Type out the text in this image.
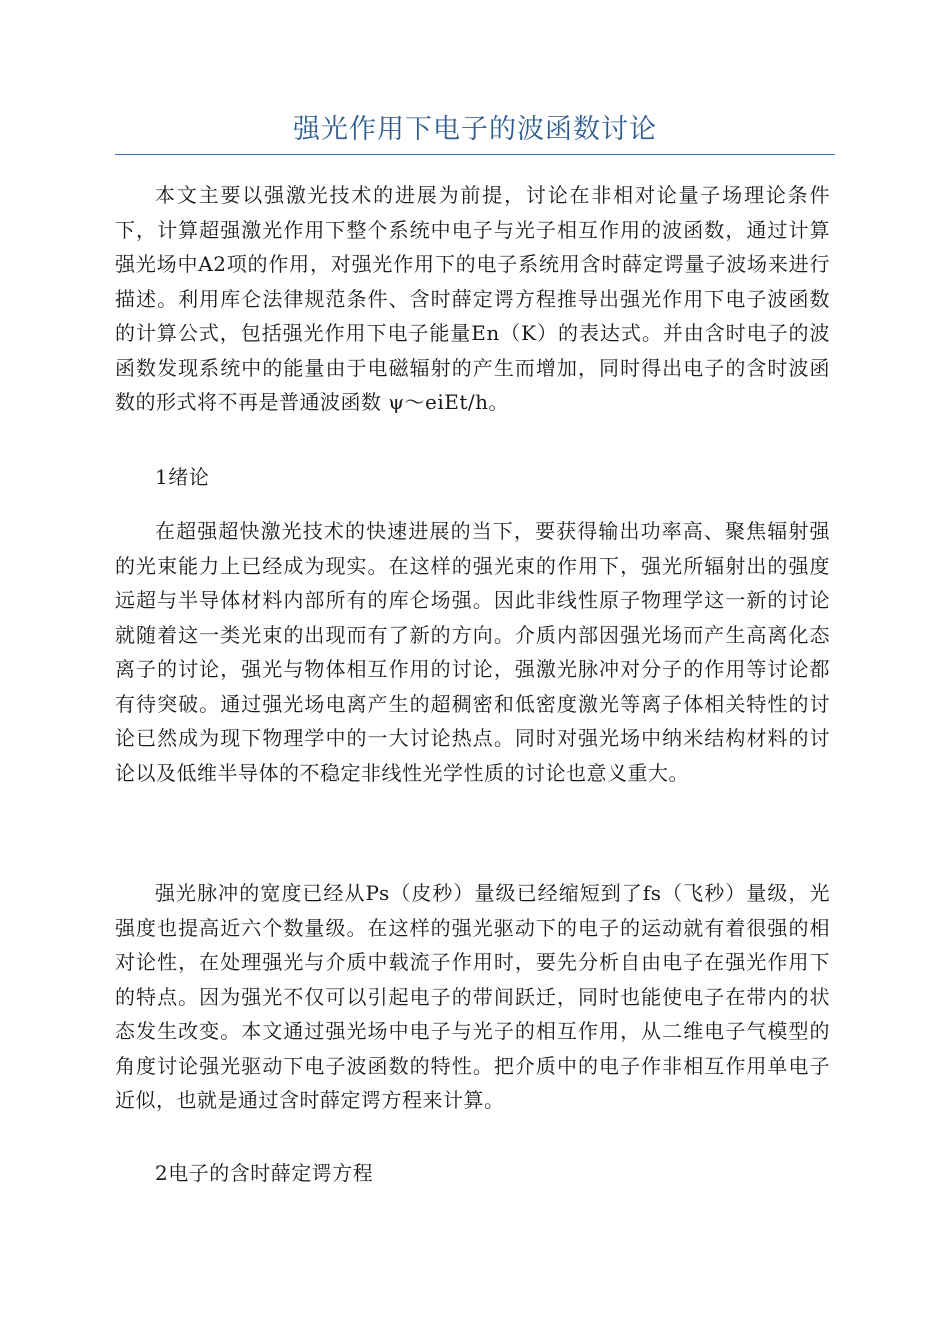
强光作用下电子的波函数讨论

本文主要以强激光技术的进展为前提，讨论在非相对论量子场理论条件下，计算超强激光作用下整个系统中电子与光子相互作用的波函数，通过计算强光场中A2项的作用，对强光作用下的电子系统用含时薛定谔量子波场来进行描述。利用库仑法律规范条件、含时薛定谔方程推导出强光作用下电子波函数的计算公式，包括强光作用下电子能量En（K）的表达式。并由含时电子的波函数发现系统中的能量由于电磁辐射的产生而增加，同时得出电子的含时波函数的形式将不再是普通波函数 ψ～eiEt/h。

1绪论

在超强超快激光技术的快速进展的当下，要获得输出功率高、聚焦辐射强的光束能力上已经成为现实。在这样的强光束的作用下，强光所辐射出的强度远超与半导体材料内部所有的库仑场强。因此非线性原子物理学这一新的讨论就随着这一类光束的出现而有了新的方向。介质内部因强光场而产生高离化态离子的讨论，强光与物体相互作用的讨论，强激光脉冲对分子的作用等讨论都有待突破。通过强光场电离产生的超稠密和低密度激光等离子体相关特性的讨论已然成为现下物理学中的一大讨论热点。同时对强光场中纳米结构材料的讨论以及低维半导体的不稳定非线性光学性质的讨论也意义重大。

强光脉冲的宽度已经从Ps（皮秒）量级已经缩短到了fs（飞秒）量级，光强度也提高近六个数量级。在这样的强光驱动下的电子的运动就有着很强的相对论性，在处理强光与介质中载流子作用时，要先分析自由电子在强光作用下的特点。因为强光不仅可以引起电子的带间跃迁，同时也能使电子在带内的状态发生改变。本文通过强光场中电子与光子的相互作用，从二维电子气模型的角度讨论强光驱动下电子波函数的特性。把介质中的电子作非相互作用单电子近似，也就是通过含时薛定谔方程来计算。

2电子的含时薛定谔方程
